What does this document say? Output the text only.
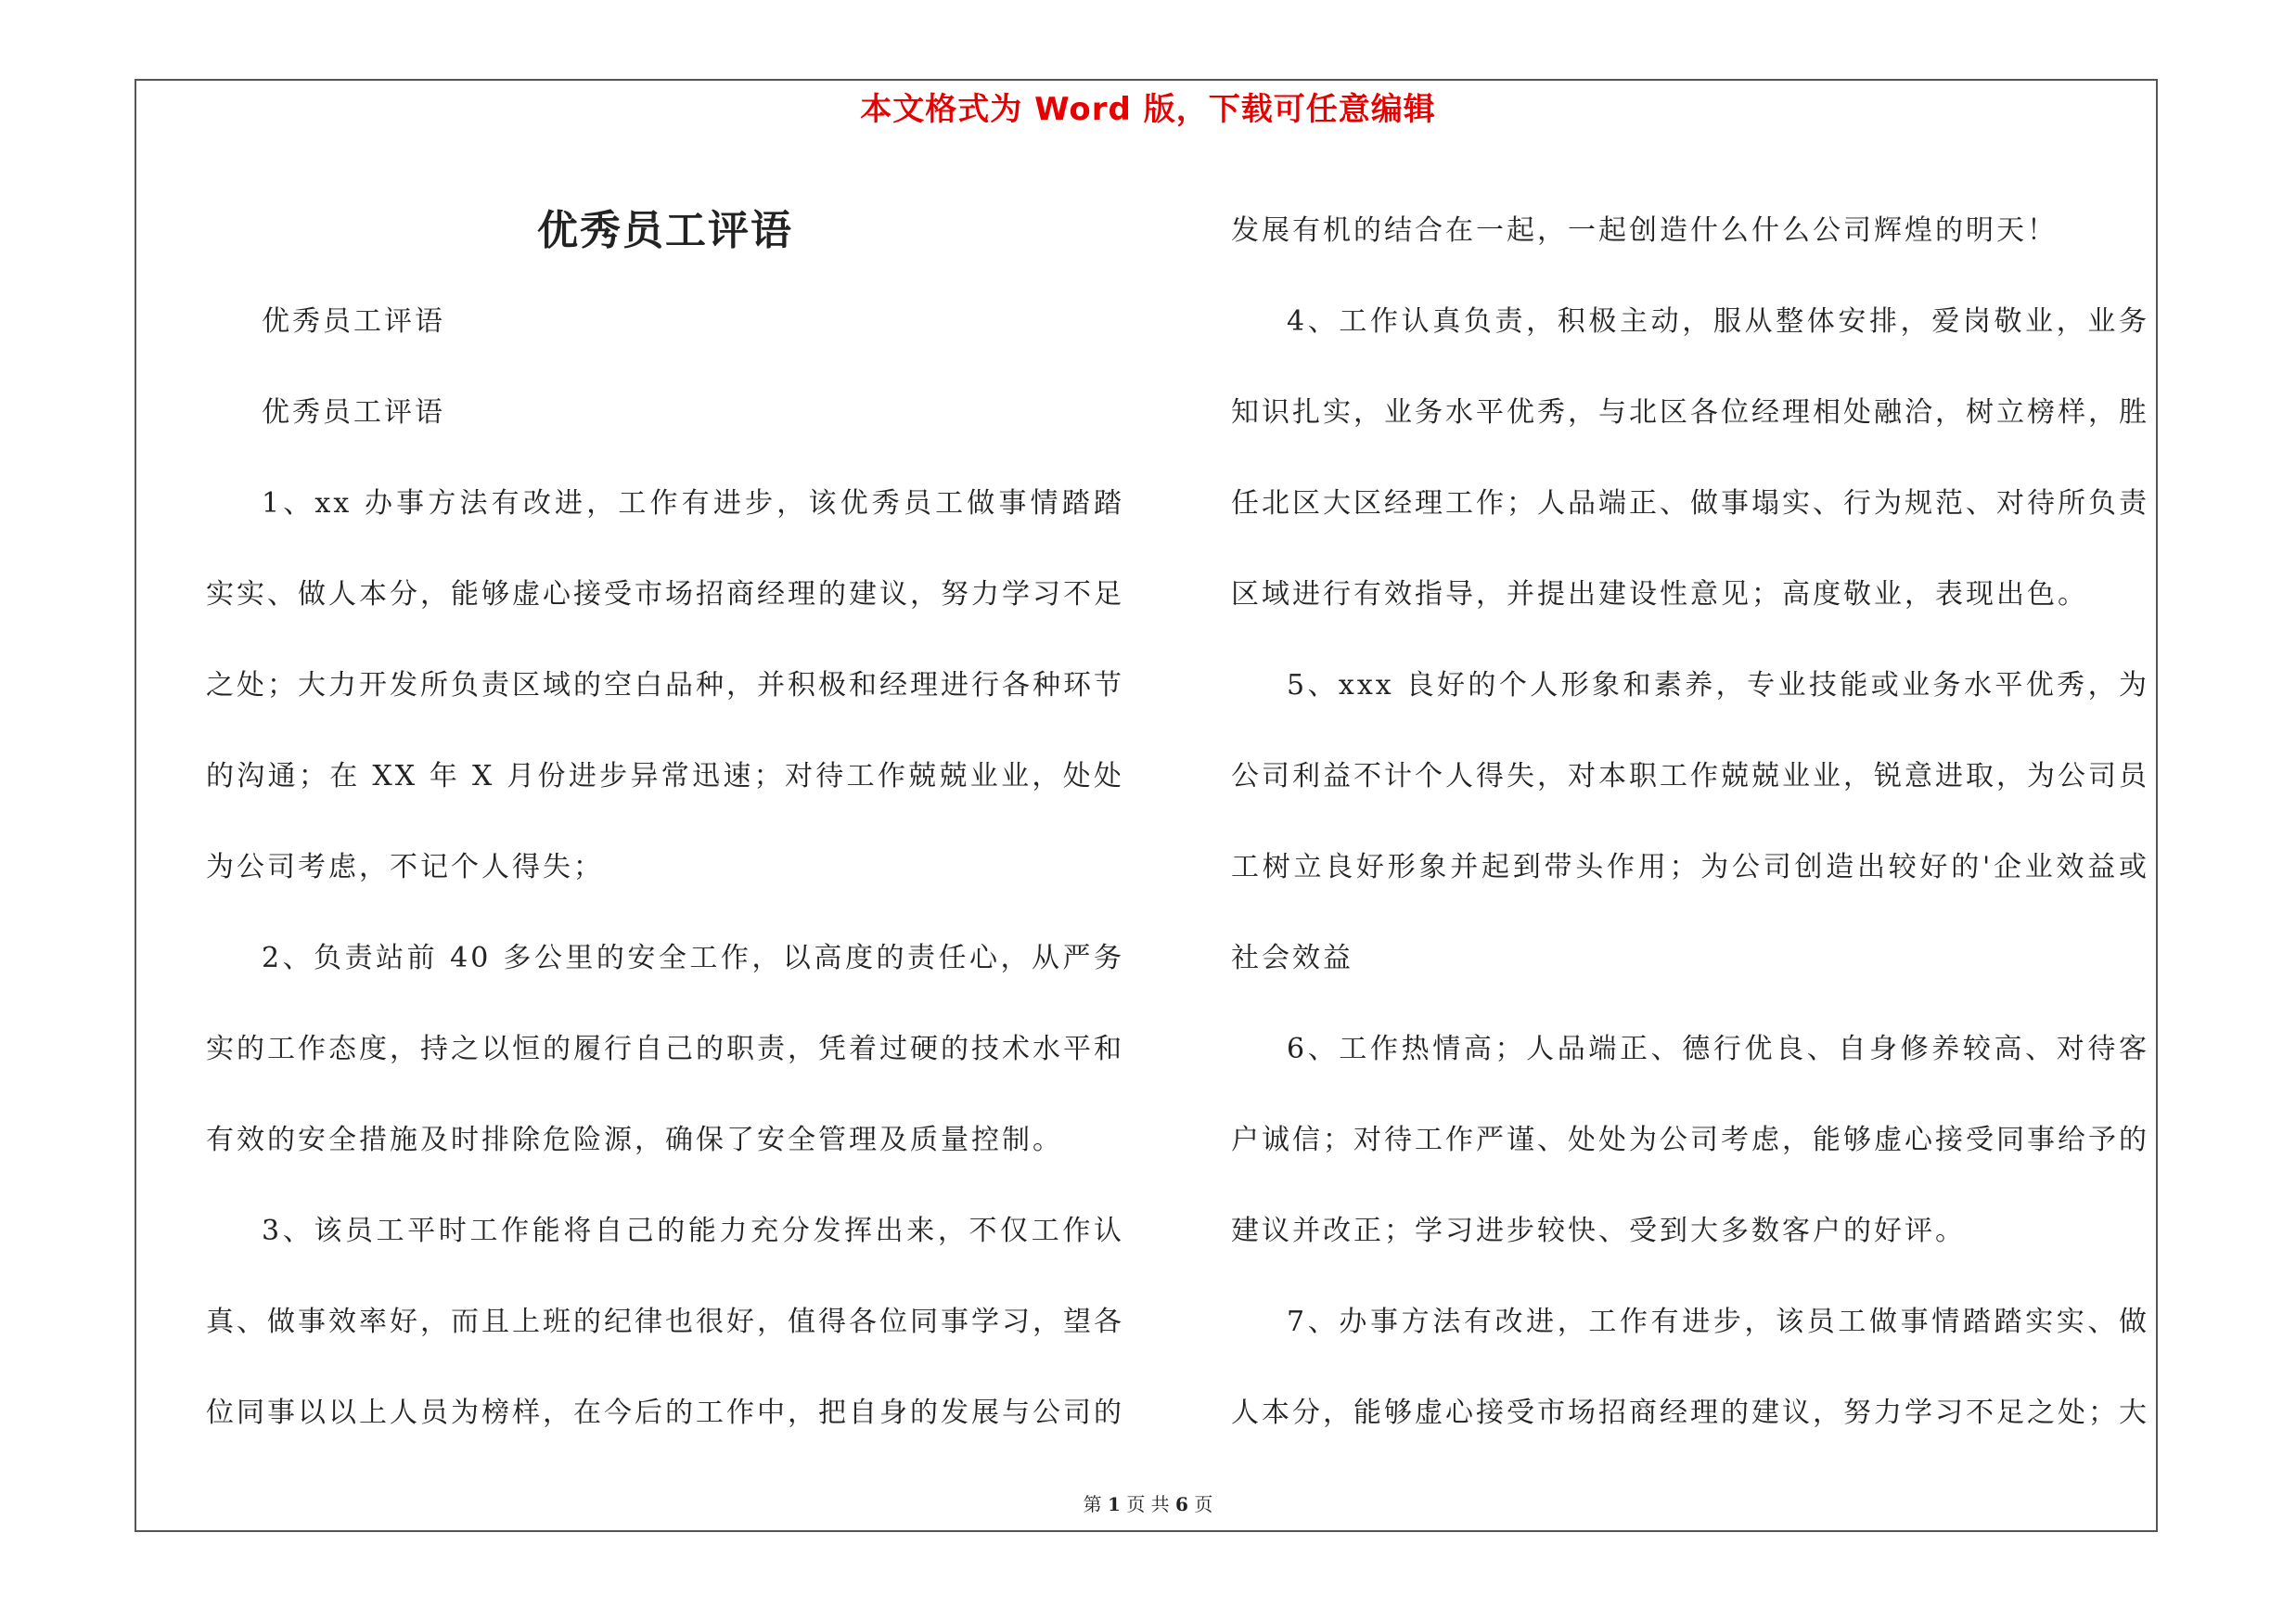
本文格式为 Word 版，下载可任意编辑
优秀员工评语

优秀员工评语

优秀员工评语

1、xx 办事方法有改进，工作有进步，该优秀员工做事情踏踏实实、做人本分，能够虚心接受市场招商经理的建议，努力学习不足之处；大力开发所负责区域的空白品种，并积极和经理进行各种环节的沟通；在 XX 年 X 月份进步异常迅速；对待工作兢兢业业，处处为公司考虑，不记个人得失；

2、负责站前 40 多公里的安全工作，以高度的责任心，从严务实的工作态度，持之以恒的履行自己的职责，凭着过硬的技术水平和有效的安全措施及时排除危险源，确保了安全管理及质量控制。

3、该员工平时工作能将自己的能力充分发挥出来，不仅工作认真、做事效率好，而且上班的纪律也很好，值得各位同事学习，望各位同事以以上人员为榜样，在今后的工作中，把自身的发展与公司的

发展有机的结合在一起，一起创造什么什么公司辉煌的明天！

4、工作认真负责，积极主动，服从整体安排，爱岗敬业，业务知识扎实，业务水平优秀，与北区各位经理相处融洽，树立榜样，胜任北区大区经理工作；人品端正、做事塌实、行为规范、对待所负责区域进行有效指导，并提出建设性意见；高度敬业，表现出色。

5、xxx 良好的个人形象和素养，专业技能或业务水平优秀，为公司利益不计个人得失，对本职工作兢兢业业，锐意进取，为公司员工树立良好形象并起到带头作用；为公司创造出较好的'企业效益或社会效益

6、工作热情高；人品端正、德行优良、自身修养较高、对待客户诚信；对待工作严谨、处处为公司考虑，能够虚心接受同事给予的建议并改正；学习进步较快、受到大多数客户的好评。

7、办事方法有改进，工作有进步，该员工做事情踏踏实实、做人本分，能够虚心接受市场招商经理的建议，努力学习不足之处；大

第 1 页 共 6 页
